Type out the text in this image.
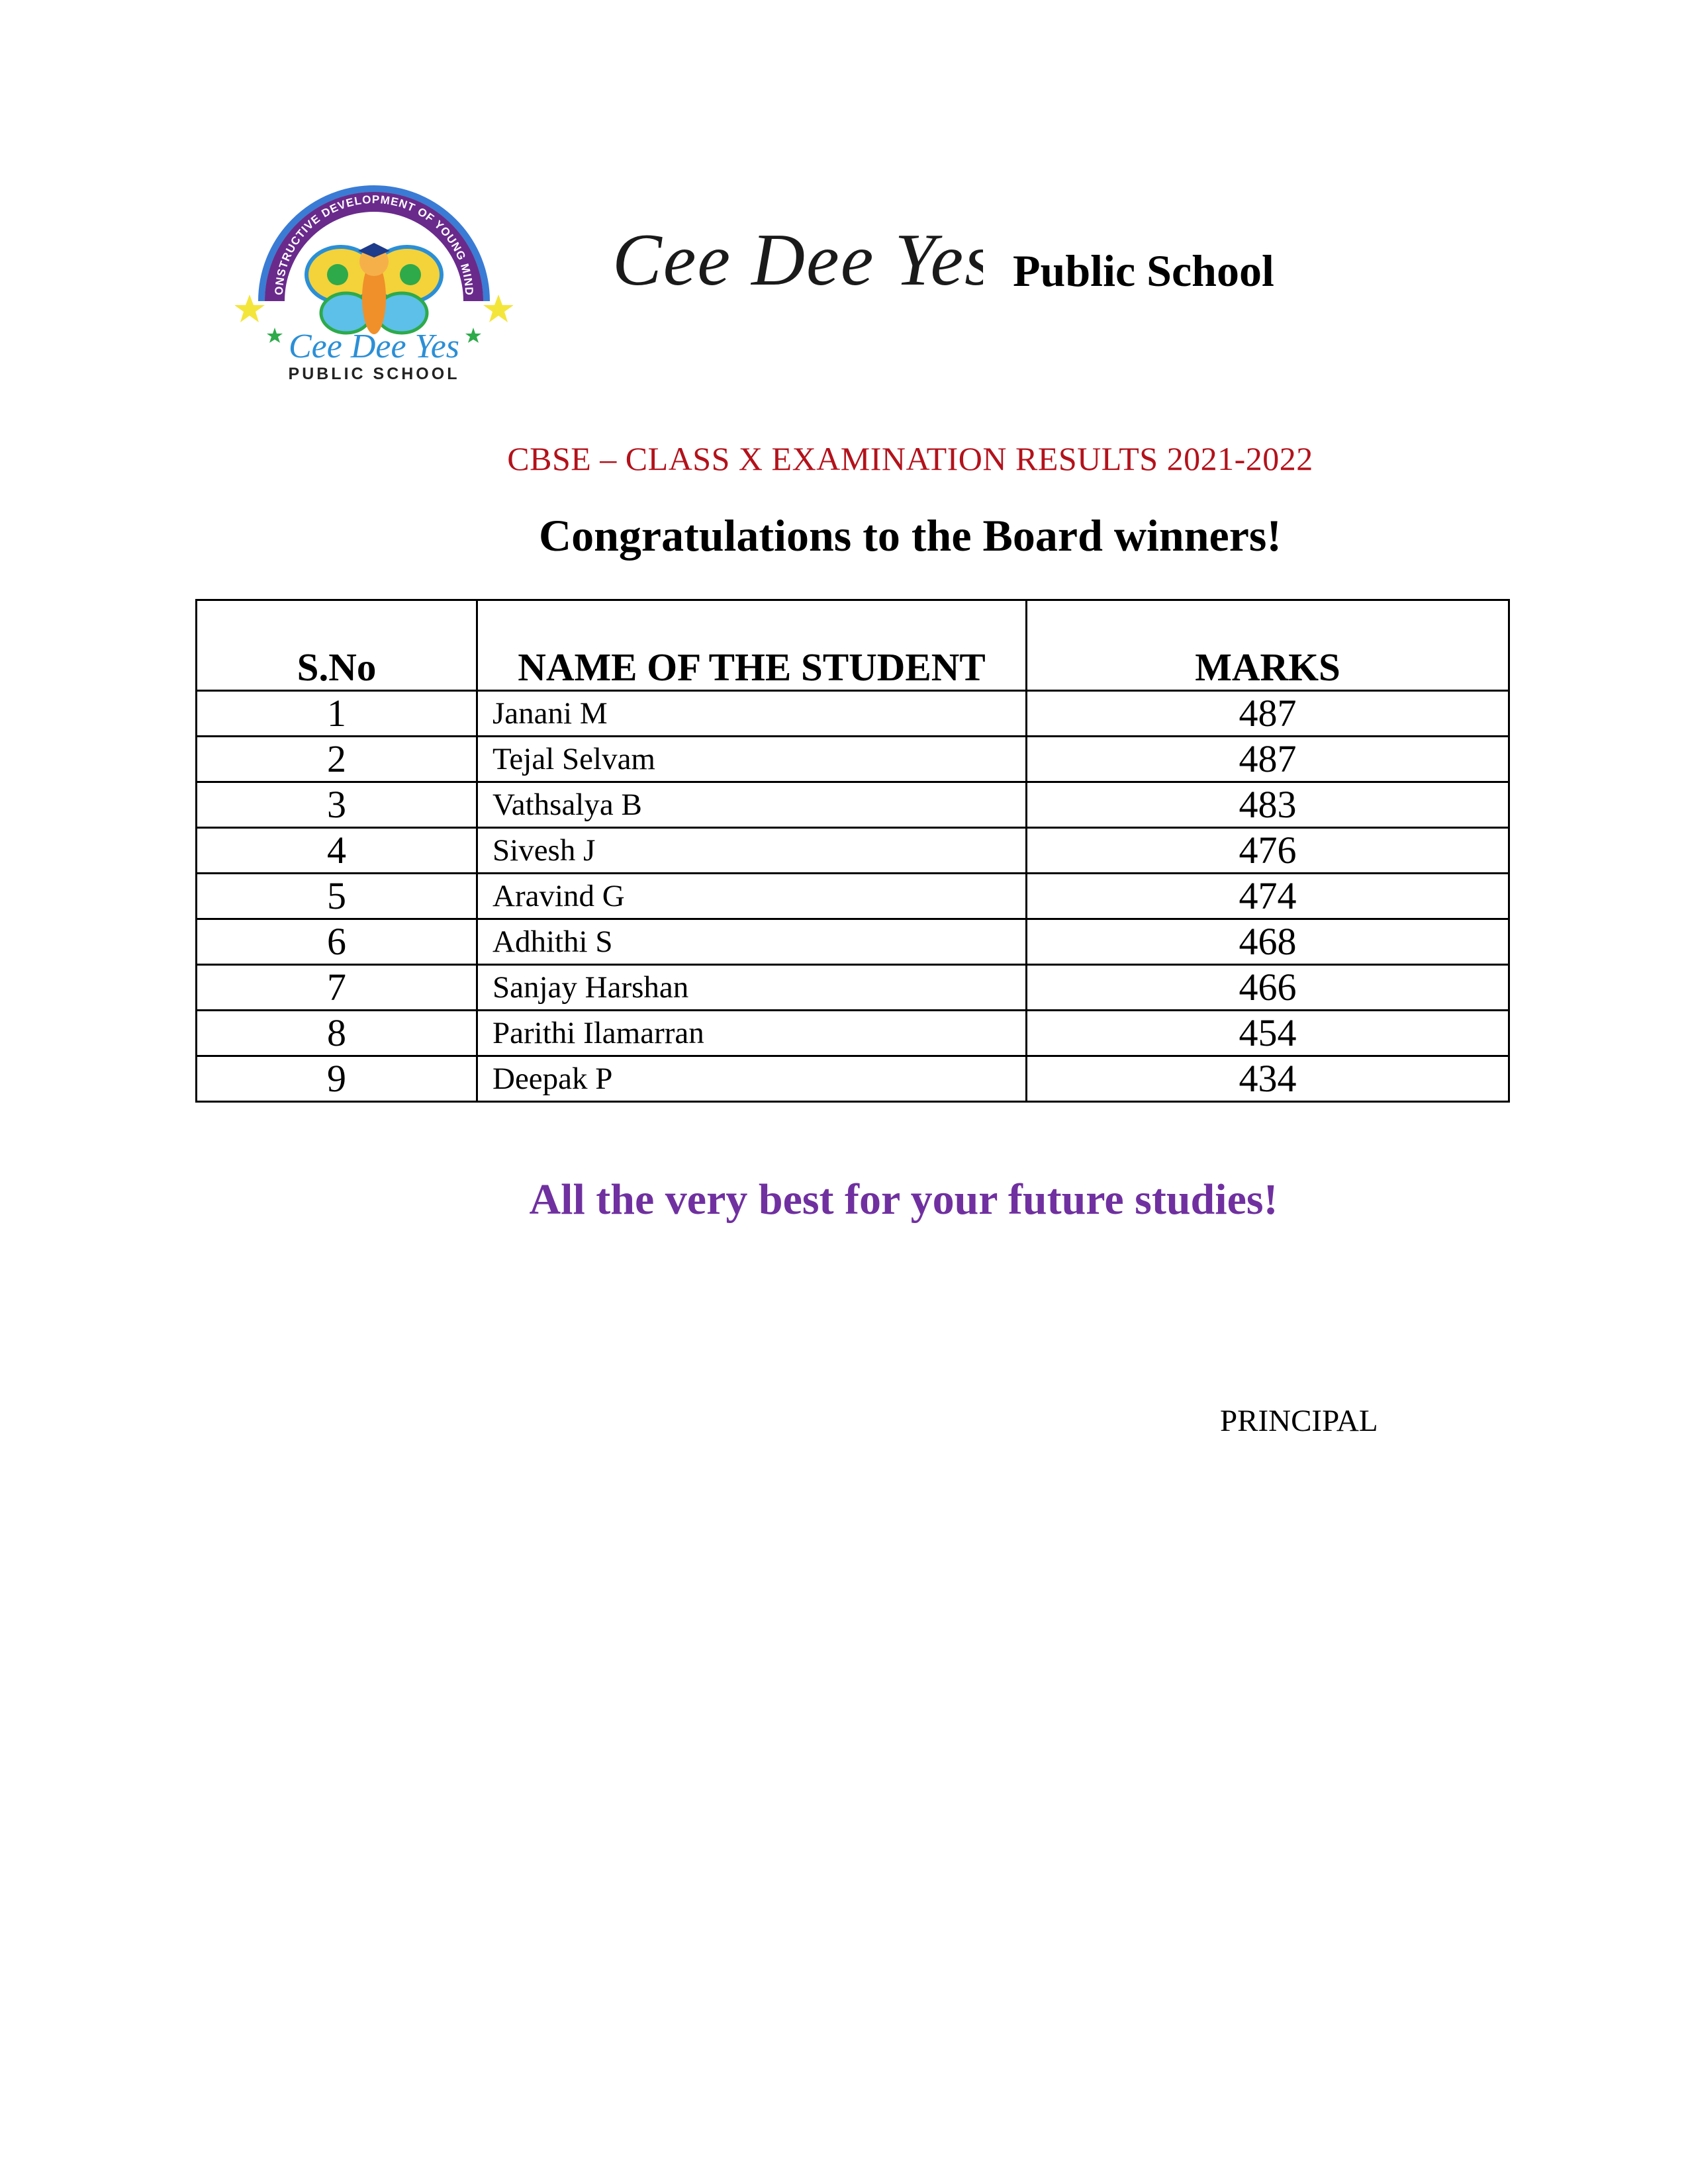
ONSTRUCTIVE DEVELOPMENT OF YOUNG MIND
Cee Dee Yes
PUBLIC SCHOOL
Cee Dee Yes Public School
CBSE – CLASS X EXAMINATION RESULTS 2021-2022
Congratulations to the Board winners!
S.No	NAME OF THE STUDENT	MARKS
1	Janani M	487
2	Tejal Selvam	487
3	Vathsalya B	483
4	Sivesh J	476
5	Aravind G	474
6	Adhithi S	468
7	Sanjay Harshan	466
8	Parithi Ilamarran	454
9	Deepak P	434
All the very best for your future studies!
PRINCIPAL
